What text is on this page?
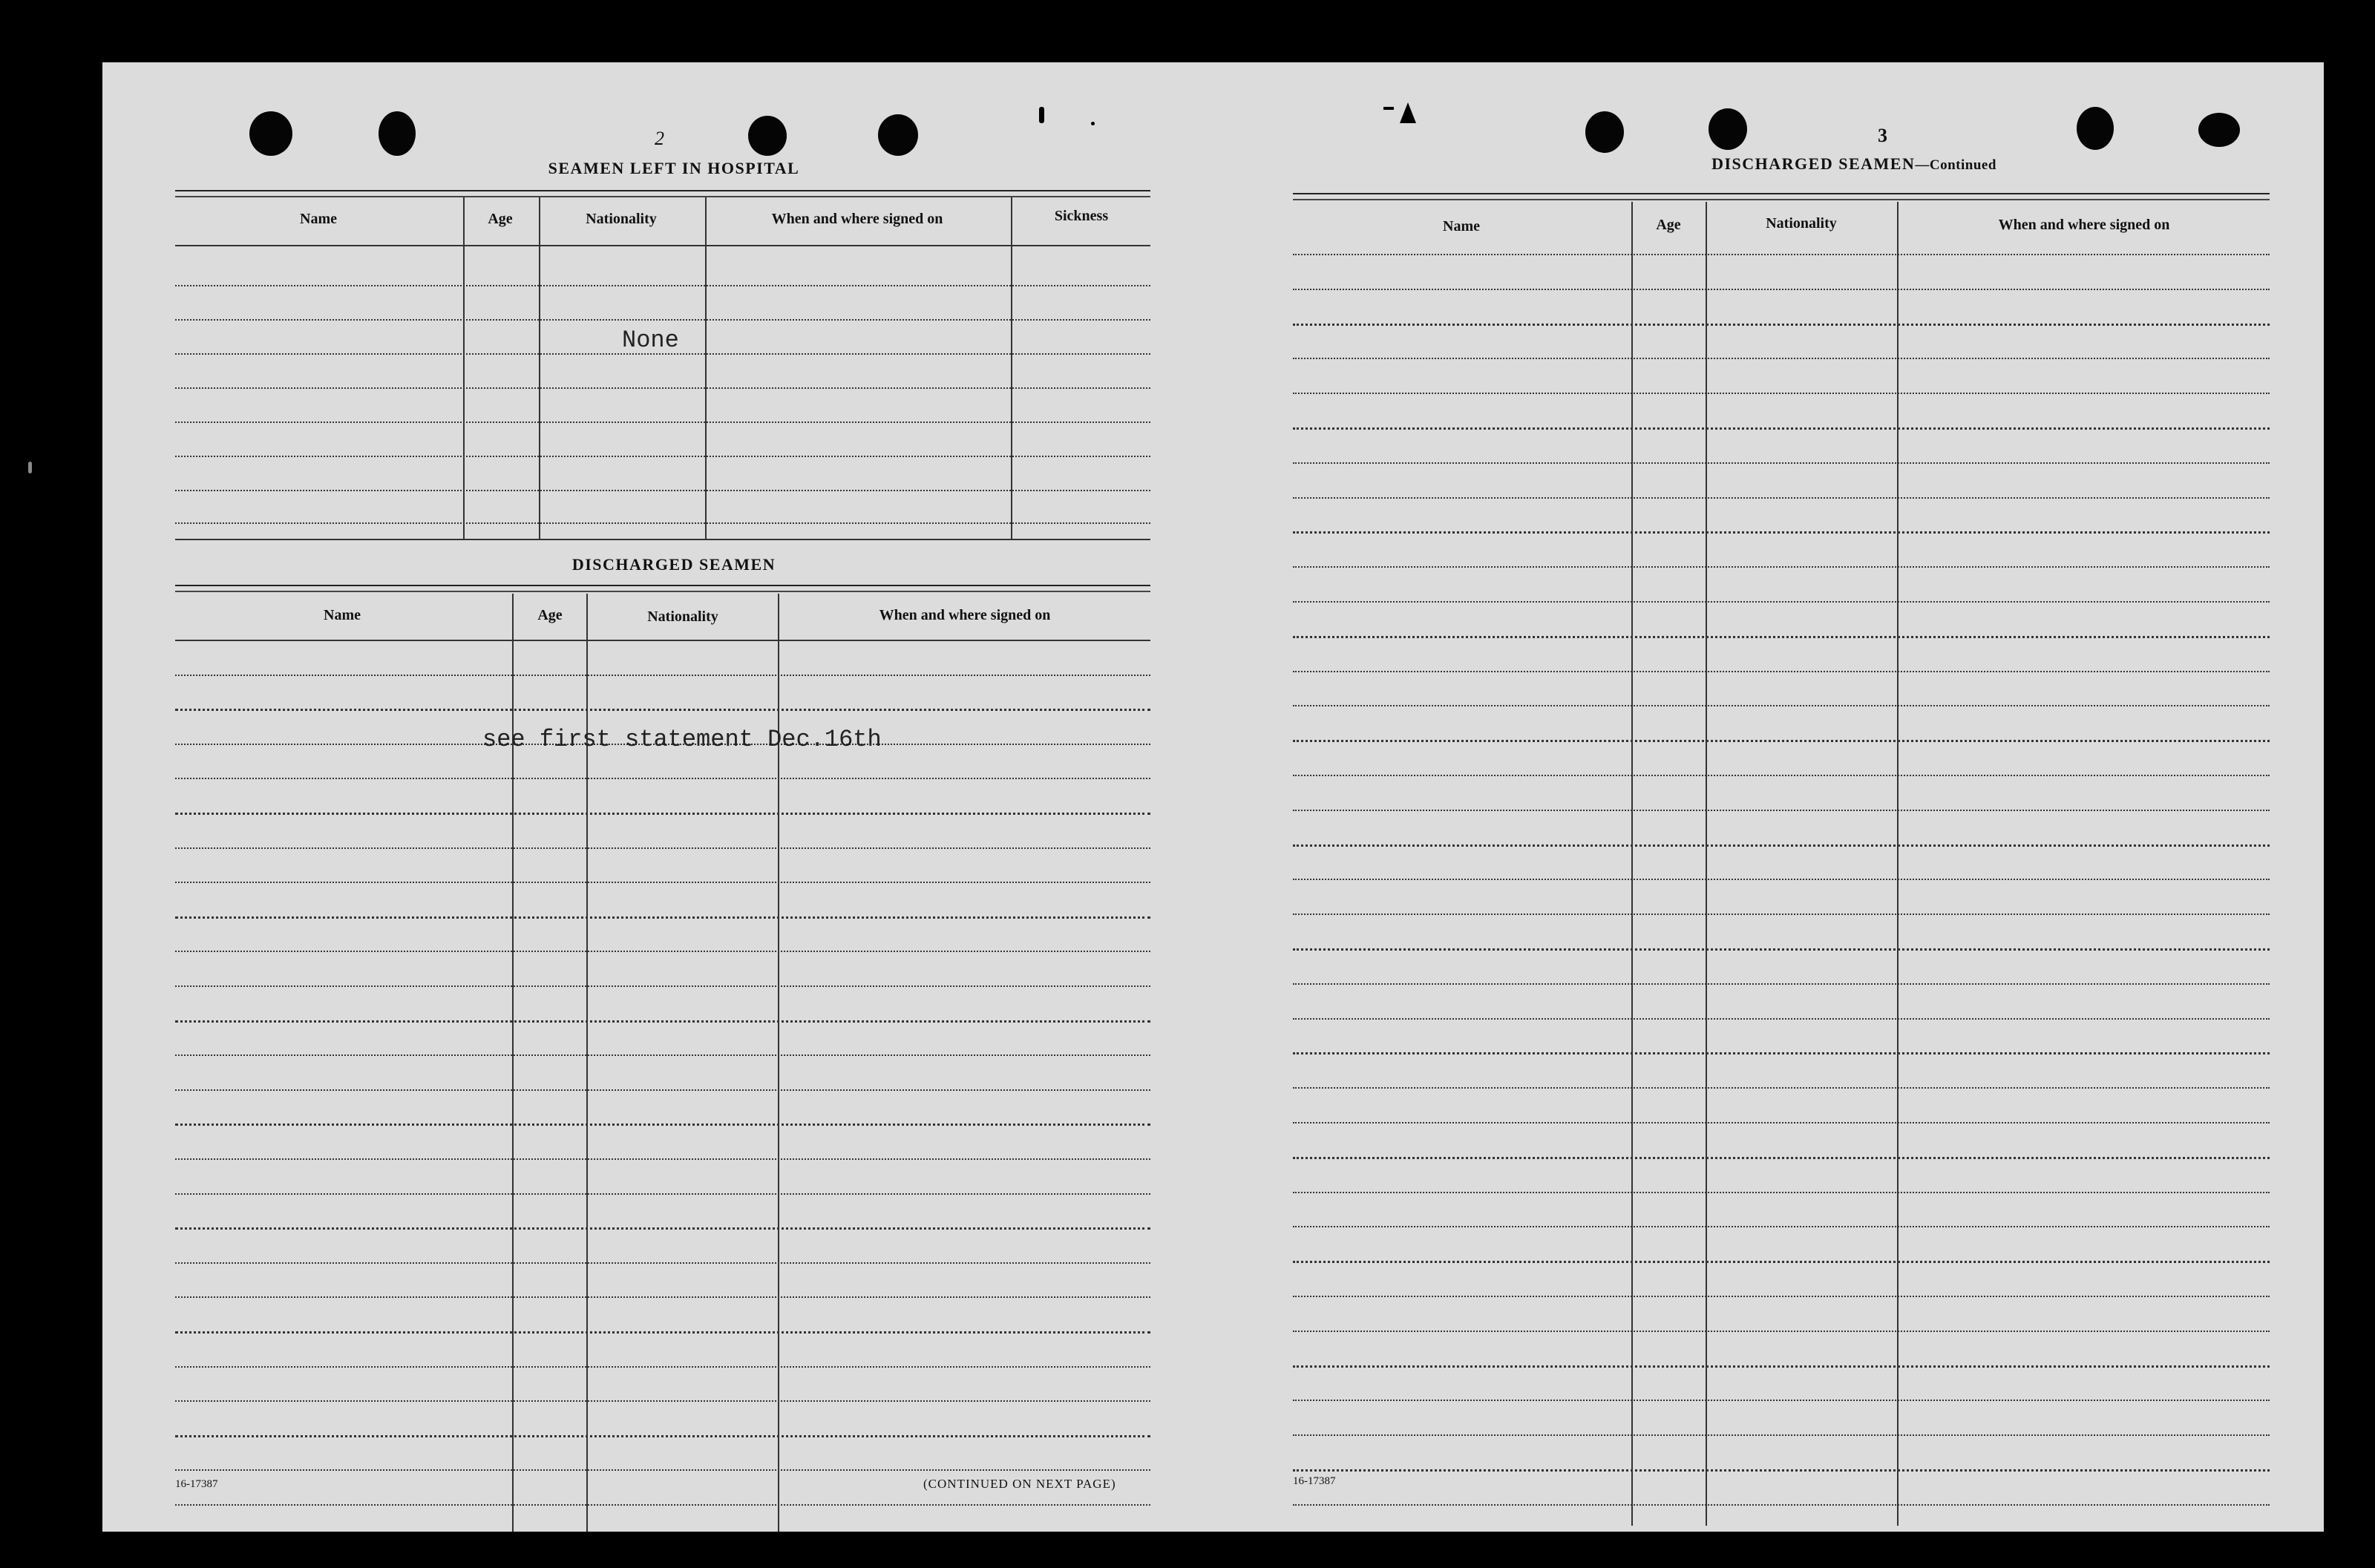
2
SEAMEN LEFT IN HOSPITAL
Name	Age	Nationality	When and where signed on	Sickness
None
DISCHARGED SEAMEN
Name	Age	Nationality	When and where signed on
see first statement Dec.16th
16-17387	(CONTINUED ON NEXT PAGE)
3
DISCHARGED SEAMEN—Continued
Name	Age	Nationality	When and where signed on
16-17387
